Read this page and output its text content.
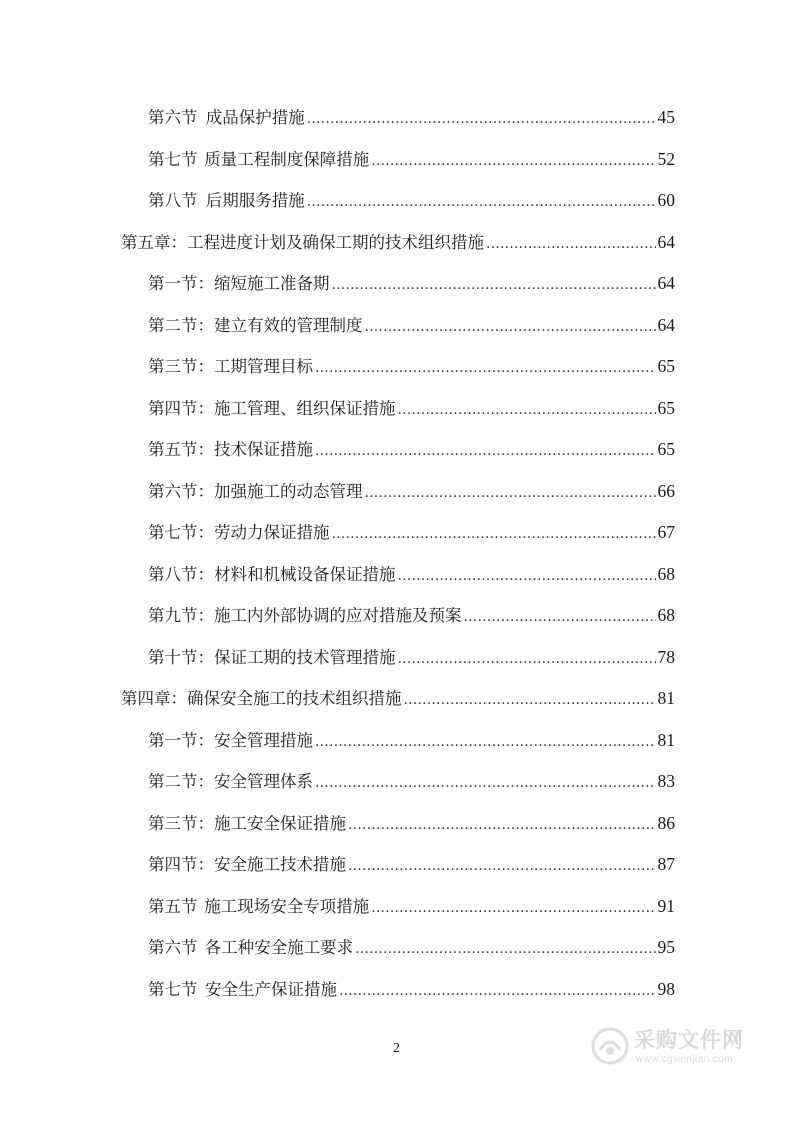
第六节 成品保护措施 .....	45
第七节 质量工程制度保障措施 .....	52
第八节 后期服务措施 .....	60
第五章： 工程进度计划及确保工期的技术组织措施 .....	64
第一节： 缩短施工准备期 .....	64
第二节： 建立有效的管理制度 .....	64
第三节： 工期管理目标 .....	65
第四节： 施工管理、组织保证措施 .....	65
第五节： 技术保证措施 .....	65
第六节： 加强施工的动态管理 .....	66
第七节： 劳动力保证措施 .....	67
第八节： 材料和机械设备保证措施 .....	68
第九节： 施工内外部协调的应对措施及预案 .....	68
第十节： 保证工期的技术管理措施 .....	78
第四章： 确保安全施工的技术组织措施 .....	81
第一节： 安全管理措施 .....	81
第二节： 安全管理体系 .....	83
第三节： 施工安全保证措施 .....	86
第四节： 安全施工技术措施 .....	87
第五节 施工现场安全专项措施 .....	91
第六节 各工种安全施工要求 .....	95
第七节 安全生产保证措施 .....	98
2	采购文件网
www.cgwenjian.com
